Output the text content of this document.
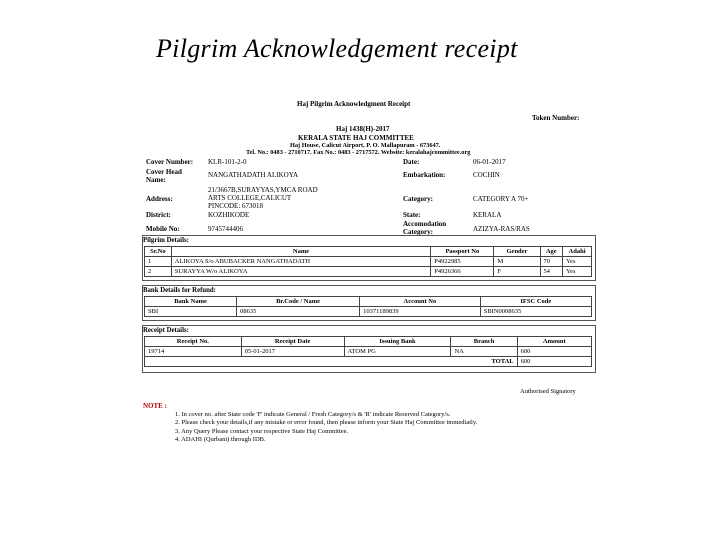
Pilgrim Acknowledgement receipt
Haj Pilgrim Acknowledgment Receipt
Token Number:
Haj 1438(H)-2017
KERALA STATE HAJ COMMITTEE
Haj House, Calicut Airport, P. O. Mallapuram - 673647.
Tel. No.: 0483 - 2710717. Fax No.: 0483 - 2717572. Website: keralahajcommittee.org
Cover Number: KLR-101-2-0	Date:	06-01-2017
Cover Head
Name:
NANGATHADATH ALIKOYA	Embarkation:	COCHIN
Address:
21/3667B,SURAYYAS,YMCA ROAD
ARTS COLLEGE,CALICUT
PINCODE: 673018
Category:	CATEGORY A 70+
District:	KOZHIKODE	State:	KERALA
Mobile No:	9745744406
Accomodation
Category:	AZIZYA-RAS/RAS
Pilgrim Details:
Sr.No	Name	Passport No	Gender	Age	Adahi
1	ALIKOYA S/o ABUBACKER NANGATHADATH	P4922985	M	70	Yes
2	SURAYYA W/o ALIKOYA	P4926366	F	54	Yes
Bank Details for Refund:
Bank Name	Br.Code / Name	Account No	IFSC Code
SBI	08635	10371189839	SBIN0008635
Receipt Details:
Receipt No.	Receipt Date	Issuing Bank	Branch	Amount
19714	05-01-2017	ATOM PG	NA	600
TOTAL				600
Authorised Signatory
NOTE :
1. In cover no. after State code 'F' indicate General / Fresh Category/s & 'R' indicate Reserved Category/s.
2. Please check your details,if any mistake or error found, then please inform your State Haj Committee immediatly.
3. Any Query Please contact your respective State Haj Committee.
4. ADAHI (Qurbani) through IDB.
